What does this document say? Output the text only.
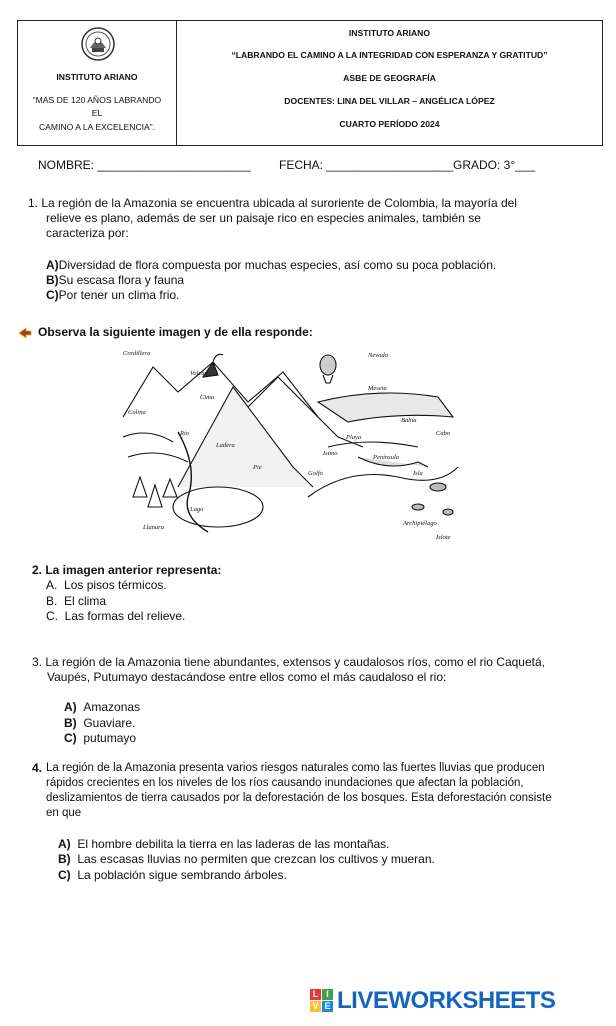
INSTITUTO ARIANO
“MAS DE 120 AÑOS LABRANDO
EL
CAMINO A LA EXCELENCIA”.
INSTITUTO ARIANO
“LABRANDO EL CAMINO A LA INTEGRIDAD CON ESPERANZA Y GRATITUD”
ASBE DE GEOGRAFÍA
DOCENTES: LINA DEL VILLAR – ANGÉLICA LÓPEZ
CUARTO PERÍODO 2024
NOMBRE: _______________________ FECHA: ___________________ GRADO: 3°___
1. La región de la Amazonia se encuentra ubicada al suroriente de Colombia, la mayoría del
relieve es plano, además de ser un paisaje rico en especies animales, también se
caracteriza por:
A)Diversidad de flora compuesta por muchas especies, así como su poca población.
B)Su escasa flora y fauna
C)Por tener un clima frio.
Observa la siguiente imagen y de ella responde:
Cordillera
Cima
Colina
Río
Ladera
Pie
Volcán
Nevado
Meseta
Golfo
Bahía
Cabo
Playa
Istmo
Península
Lago
Isla
Archipiélago
Llanura
Islote
2. La imagen anterior representa:
A. Los pisos térmicos.
B. El clima
C. Las formas del relieve.
3. La región de la Amazonia tiene abundantes, extensos y caudalosos ríos, como el rio Caquetá,
Vaupés, Putumayo destacándose entre ellos como el más caudaloso el rio:
A) Amazonas
B) Guaviare.
C) putumayo
4. La región de la Amazonia presenta varios riesgos naturales como las fuertes lluvias que producen
rápidos crecientes en los niveles de los ríos causando inundaciones que afectan la población,
deslizamientos de tierra causados por la deforestación de los bosques. Esta deforestación consiste
en que
A) El hombre debilita la tierra en las laderas de las montañas.
B) Las escasas lluvias no permiten que crezcan los cultivos y mueran.
C) La población sigue sembrando árboles.
L I
V E LIVEWORKSHEETS
